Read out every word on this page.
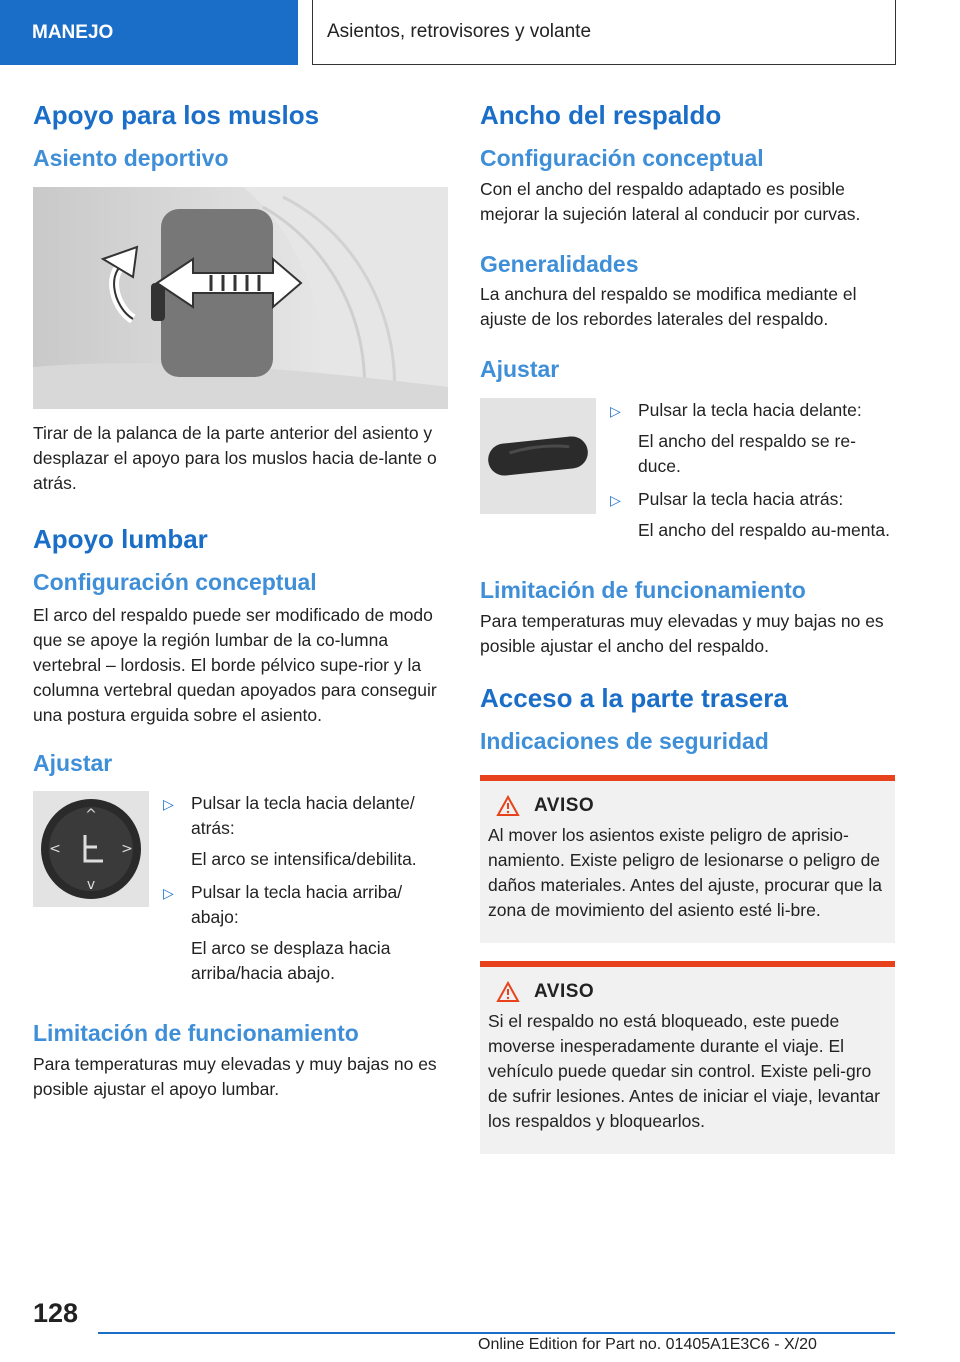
MANEJO	Asientos, retrovisores y volante
Apoyo para los muslos
Asiento deportivo

Tirar de la palanca de la parte anterior del asiento y desplazar el apoyo para los muslos hacia de-lante o atrás.

Apoyo lumbar
Configuración conceptual

El arco del respaldo puede ser modificado de modo que se apoye la región lumbar de la co-lumna vertebral – lordosis. El borde pélvico supe-rior y la columna vertebral quedan apoyados para conseguir una postura erguida sobre el asiento.

Ajustar
^
v
<	>
▷ Pulsar la tecla hacia delante/ atrás:
El arco se intensifica/debilita.
▷ Pulsar la tecla hacia arriba/ abajo:
El arco se desplaza hacia arriba/hacia abajo.
Limitación de funcionamiento

Para temperaturas muy elevadas y muy bajas no es posible ajustar el apoyo lumbar.

Ancho del respaldo
Configuración conceptual

Con el ancho del respaldo adaptado es posible mejorar la sujeción lateral al conducir por curvas.

Generalidades

La anchura del respaldo se modifica mediante el ajuste de los rebordes laterales del respaldo.

Ajustar
▷ Pulsar la tecla hacia delante:
El ancho del respaldo se re-duce.
▷ Pulsar la tecla hacia atrás:
El ancho del respaldo au-menta.
Limitación de funcionamiento

Para temperaturas muy elevadas y muy bajas no es posible ajustar el ancho del respaldo.

Acceso a la parte trasera
Indicaciones de seguridad
AVISO

Al mover los asientos existe peligro de aprisio-namiento. Existe peligro de lesionarse o peligro de daños materiales. Antes del ajuste, procurar que la zona de movimiento del asiento esté li-bre.

AVISO

Si el respaldo no está bloqueado, este puede moverse inesperadamente durante el viaje. El vehículo puede quedar sin control. Existe peli-gro de sufrir lesiones. Antes de iniciar el viaje, levantar los respaldos y bloquearlos.

128
Online Edition for Part no. 01405A1E3C6 - X/20
